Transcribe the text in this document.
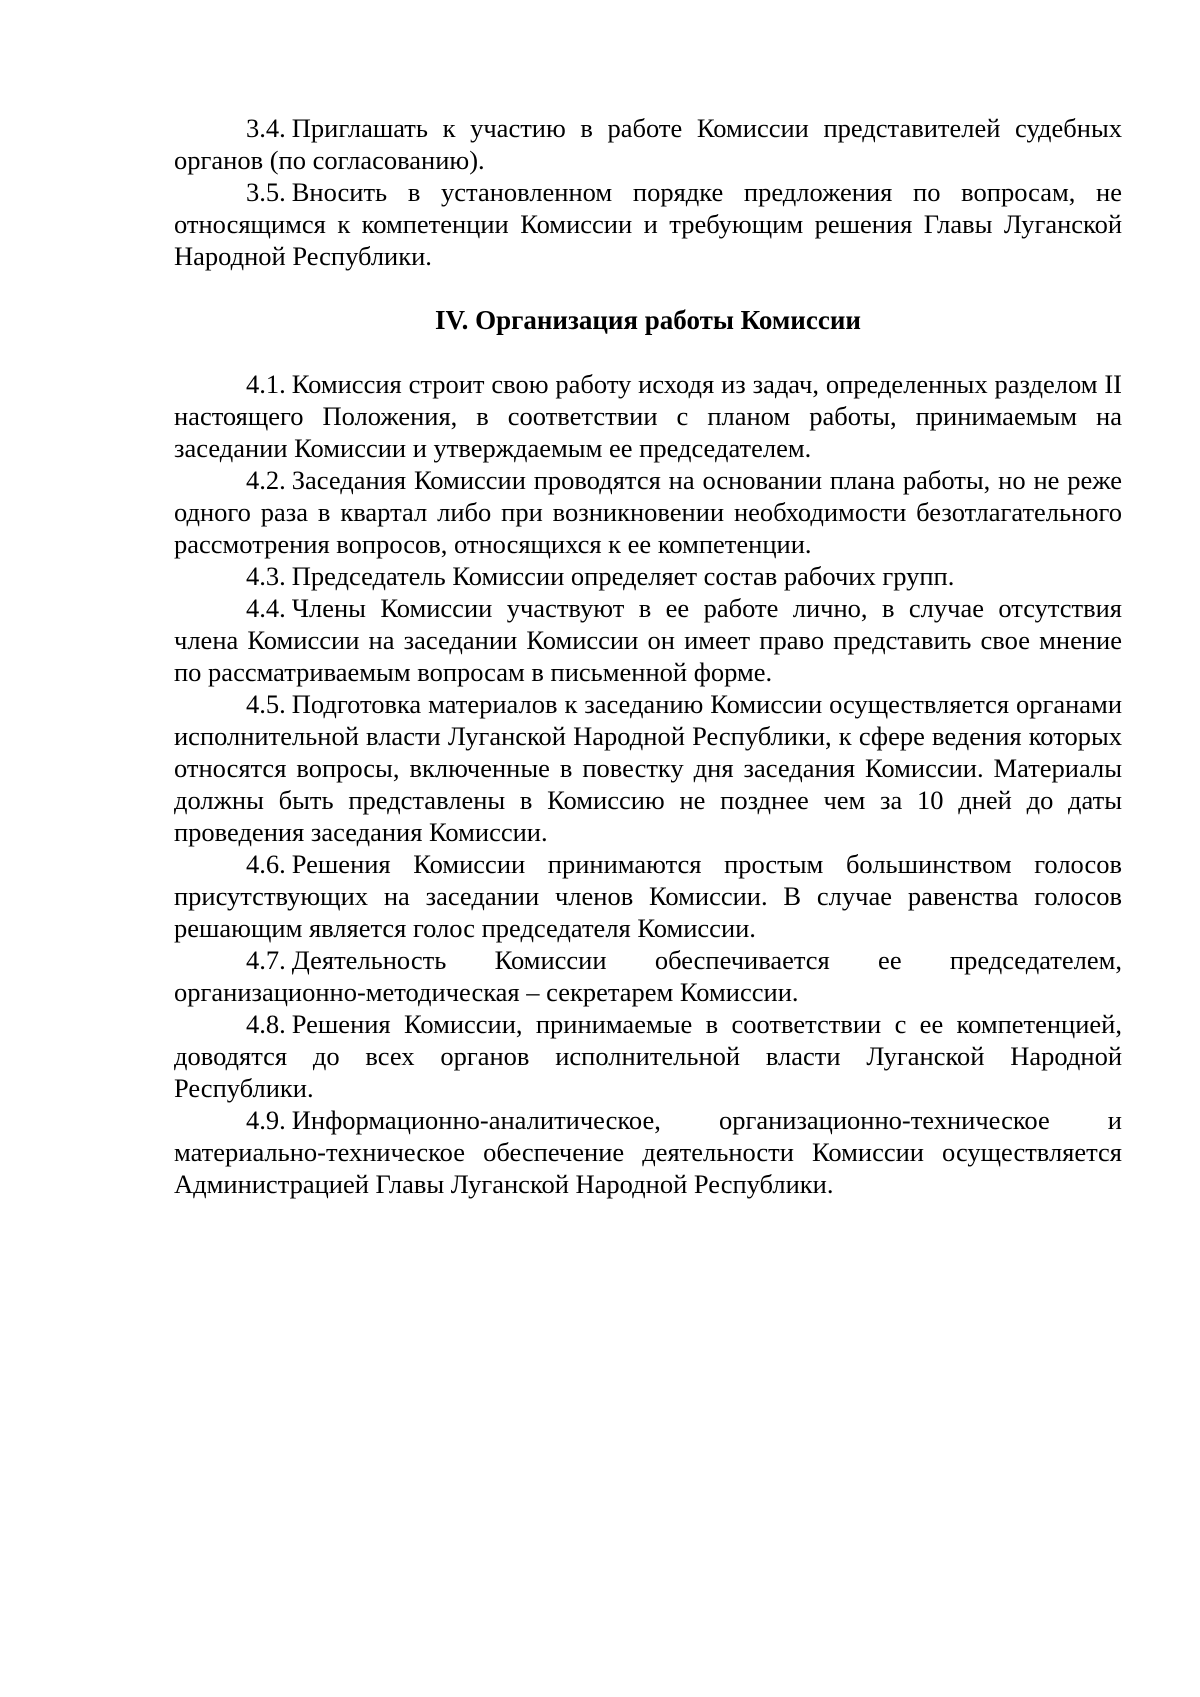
3.4. Приглашать к участию в работе Комиссии представителей судебных органов (по согласованию).

3.5. Вносить в установленном порядке предложения по вопросам, не относящимся к компетенции Комиссии и требующим решения Главы Луганской Народной Республики.

IV. Организация работы Комиссии

4.1. Комиссия строит свою работу исходя из задач, определенных разделом II настоящего Положения, в соответствии с планом работы, принимаемым на заседании Комиссии и утверждаемым ее председателем.

4.2. Заседания Комиссии проводятся на основании плана работы, но не реже одного раза в квартал либо при возникновении необходимости безотлагательного рассмотрения вопросов, относящихся к ее компетенции.

4.3. Председатель Комиссии определяет состав рабочих групп.

4.4. Члены Комиссии участвуют в ее работе лично, в случае отсутствия члена Комиссии на заседании Комиссии он имеет право представить свое мнение по рассматриваемым вопросам в письменной форме.

4.5. Подготовка материалов к заседанию Комиссии осуществляется органами исполнительной власти Луганской Народной Республики, к сфере ведения которых относятся вопросы, включенные в повестку дня заседания Комиссии. Материалы должны быть представлены в Комиссию не позднее чем за 10 дней до даты проведения заседания Комиссии.

4.6. Решения Комиссии принимаются простым большинством голосов присутствующих на заседании членов Комиссии. В случае равенства голосов решающим является голос председателя Комиссии.

4.7. Деятельность Комиссии обеспечивается ее председателем, организационно-методическая – секретарем Комиссии.

4.8. Решения Комиссии, принимаемые в соответствии с ее компетенцией, доводятся до всех органов исполнительной власти Луганской Народной Республики.

4.9. Информационно-аналитическое, организационно-техническое и материально-техническое обеспечение деятельности Комиссии осуществляется Администрацией Главы Луганской Народной Республики.
